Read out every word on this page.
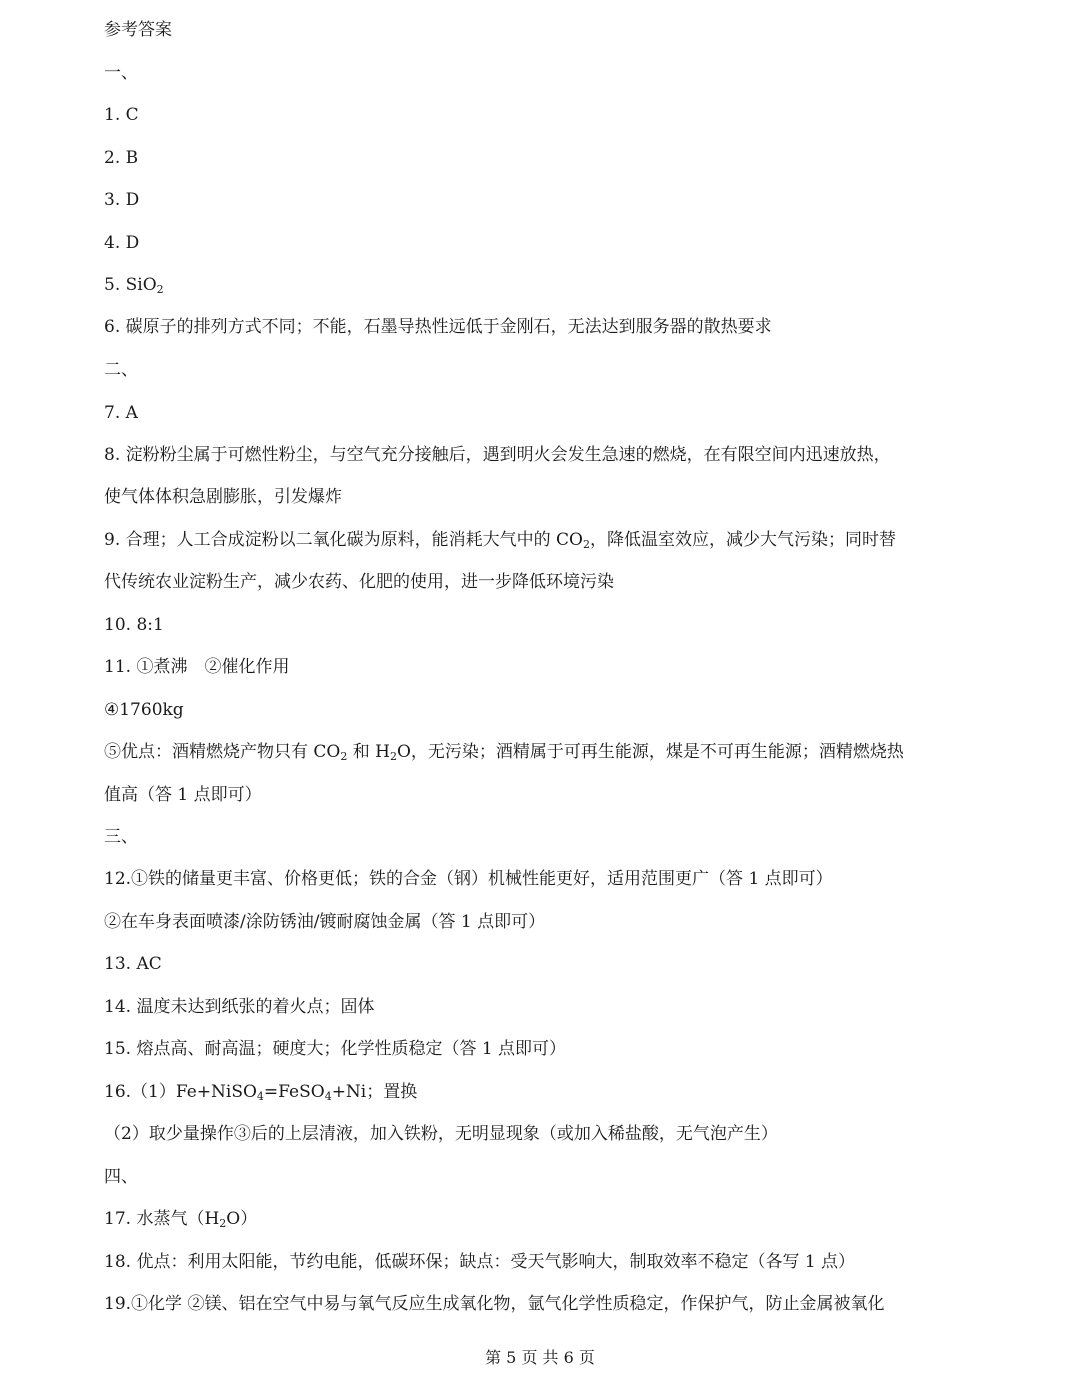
参考答案
一、
1. C
2. B
3. D
4. D
5. SiO$_2$
6. 碳原子的排列方式不同；不能，石墨导热性远低于金刚石，无法达到服务器的散热要求
二、
7. A
8. 淀粉粉尘属于可燃性粉尘，与空气充分接触后，遇到明火会发生急速的燃烧，在有限空间内迅速放热，
使气体体积急剧膨胀，引发爆炸
9. 合理；人工合成淀粉以二氧化碳为原料，能消耗大气中的 $CO_2$，降低温室效应，减少大气污染；同时替
代传统农业淀粉生产，减少农药、化肥的使用，进一步降低环境污染
10. 8:1
11. ①煮沸　②催化作用
④1760kg
⑤优点：酒精燃烧产物只有 $CO_2$ 和 $H_2O$，无污染；酒精属于可再生能源，煤是不可再生能源；酒精燃烧热
值高（答 1 点即可）
三、
12.①铁的储量更丰富、价格更低；铁的合金（钢）机械性能更好，适用范围更广（答 1 点即可）
②在车身表面喷漆/涂防锈油/镀耐腐蚀金属（答 1 点即可）
13. AC
14. 温度未达到纸张的着火点；固体
15. 熔点高、耐高温；硬度大；化学性质稳定（答 1 点即可）
16.（1）Fe+NiSO$_4$=FeSO$_4$+Ni；置换
（2）取少量操作③后的上层清液，加入铁粉，无明显现象（或加入稀盐酸，无气泡产生）
四、
17. 水蒸气$(H_2O)$
18. 优点：利用太阳能，节约电能，低碳环保；缺点：受天气影响大，制取效率不稳定（各写 1 点）
19.①化学 ②镁、铝在空气中易与氧气反应生成氧化物，氩气化学性质稳定，作保护气，防止金属被氧化
第 5 页 共 6 页
